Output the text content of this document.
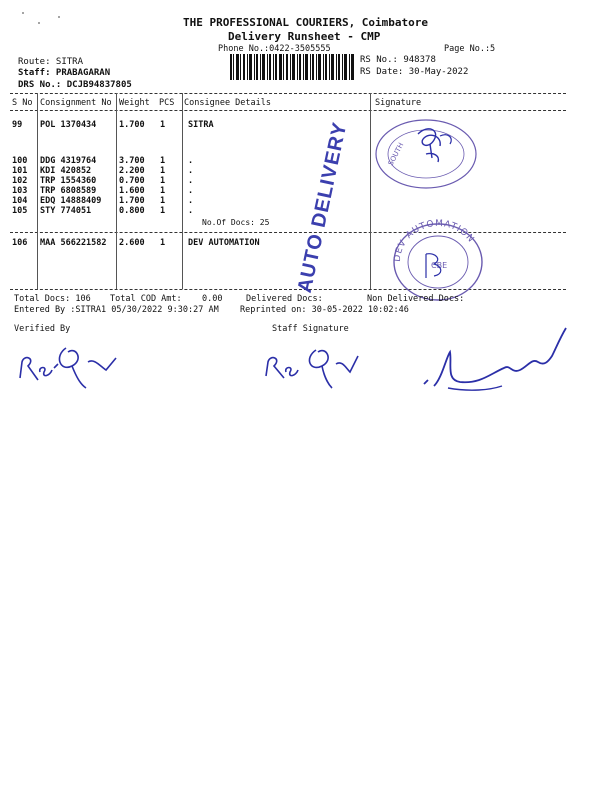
THE PROFESSIONAL COURIERS, Coimbatore
Delivery Runsheet - CMP
Phone No.:0422-3505555	Page No.:5
Route: SITRA
Staff: PRABAGARAN
DRS No.: DCJB94837805
RS No.: 948378
RS Date: 30-May-2022
S No Consignment No Weight PCS Consignee Details	Signature
99 POL 1370434	1.700 1	SITRA
100 DDG 4319764	3.700 1	.
101 KDI 420852	2.200 1	.
102 TRP 1554360	0.700 1	.
103 TRP 6808589	1.600 1	.
104 EDQ 14888409 1.700 1	.
105 STY 774051	0.800 1	.
No.Of Docs: 25
106 MAA 566221582 2.600 1	DEV AUTOMATION AUTO DELIVERY	SOUTH
DEV AUTOMATION
CBE
Total Docs: 106 Total COD Amt: 0.00	Delivered Docs:	Non Delivered Docs:
Entered By :SITRA1 05/30/2022 9:30:27 AM	Reprinted on: 30-05-2022 10:02:46
Verified By	Staff Signature
